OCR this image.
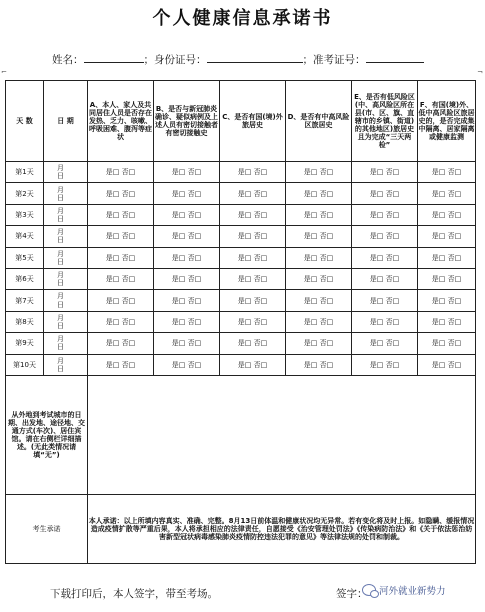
个人健康信息承诺书
姓名：	；身份证号：	；准考证号：
⌐	¬
天 数	日 期	A、本人、家人及共同居住人员是否存在发热、乏力、咳嗽、呼吸困难、腹泻等症状	B、是否与新冠肺炎确诊、疑似病例及上述人员有密切接触者有密切接触史	C、是否有国(境)外旅居史	D、是否有中高风险区旅居史	E、是否有低风险区(中、高风险区所在县(市、区、旗、直辖市的乡镇、街道)的其他地区)旅居史且为完成“三天两检”	F、有国(境)外、低中高风险区旅居史的，是否完成集中隔离、居家隔离或健康监测
第1天	月 日	是□ 否□	是□ 否□	是□ 否□	是□ 否□	是□ 否□	是□ 否□
第2天	月 日	是□ 否□	是□ 否□	是□ 否□	是□ 否□	是□ 否□	是□ 否□
第3天	月 日	是□ 否□	是□ 否□	是□ 否□	是□ 否□	是□ 否□	是□ 否□
第4天	月 日	是□ 否□	是□ 否□	是□ 否□	是□ 否□	是□ 否□	是□ 否□
第5天	月 日	是□ 否□	是□ 否□	是□ 否□	是□ 否□	是□ 否□	是□ 否□
第6天	月 日	是□ 否□	是□ 否□	是□ 否□	是□ 否□	是□ 否□	是□ 否□
第7天	月 日	是□ 否□	是□ 否□	是□ 否□	是□ 否□	是□ 否□	是□ 否□
第8天	月 日	是□ 否□	是□ 否□	是□ 否□	是□ 否□	是□ 否□	是□ 否□
第9天	月 日	是□ 否□	是□ 否□	是□ 否□	是□ 否□	是□ 否□	是□ 否□
第10天	月 日	是□ 否□	是□ 否□	是□ 否□	是□ 否□	是□ 否□	是□ 否□
从外地到考试城市的日期、出发地、途径地、交通方式(车次)、居住宾馆。请在右侧栏详细描述。(无此类情况请填“无”)							
考生承诺		本人承诺：以上所填内容真实、准确、完整。8月13日前体温和健康状况均无异常。若有变化将及时上报。如隐瞒、缓报情况造成疫情扩散等严重后果，本人将承担相应的法律责任，自愿接受《治安管理处罚法》《传染病防治法》和《关于依法惩治妨害新型冠状病毒感染肺炎疫情防控违法犯罪的意见》等法律法规的处罚和制裁。					
下载打印后，本人签字，带至考场。	签字： 河外就业新势力
